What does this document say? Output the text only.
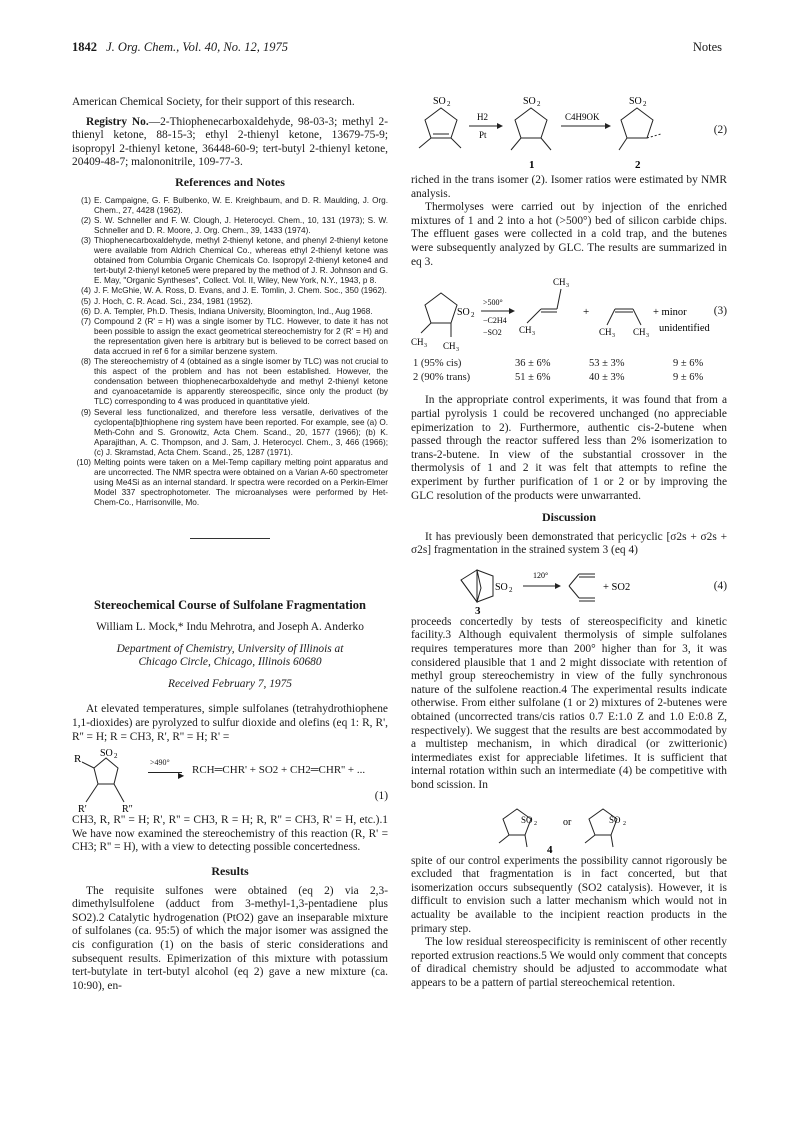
1842 J. Org. Chem., Vol. 40, No. 12, 1975	Notes

American Chemical Society, for their support of this research.

Registry No.—2-Thiophenecarboxaldehyde, 98-03-3; methyl 2-thienyl ketone, 88-15-3; ethyl 2-thienyl ketone, 13679-75-9; isopropyl 2-thienyl ketone, 36448-60-9; tert-butyl 2-thienyl ketone, 20409-48-7; malononitrile, 109-77-3.

References and Notes
(1) E. Campaigne, G. F. Bulbenko, W. E. Kreighbaum, and D. R. Maulding, J. Org. Chem., 27, 4428 (1962).
(2) S. W. Schneller and F. W. Clough, J. Heterocycl. Chem., 10, 131 (1973); S. W. Schneller and D. R. Moore, J. Org. Chem., 39, 1433 (1974).
(3) Thiophenecarboxaldehyde, methyl 2-thienyl ketone, and phenyl 2-thienyl ketone were available from Aldrich Chemical Co., whereas ethyl 2-thienyl ketone was obtained from Columbia Organic Chemicals Co. Isopropyl 2-thienyl ketone4 and tert-butyl 2-thienyl ketone5 were prepared by the method of J. R. Johnson and G. E. May, "Organic Syntheses", Collect. Vol. II, Wiley, New York, N.Y., 1943, p 8.
(4) J. F. McGhie, W. A. Ross, D. Evans, and J. E. Tomlin, J. Chem. Soc., 350 (1962).
(5) J. Hoch, C. R. Acad. Sci., 234, 1981 (1952).
(6) D. A. Templer, Ph.D. Thesis, Indiana University, Bloomington, Ind., Aug 1968.
(7) Compound 2 (R' = H) was a single isomer by TLC. However, to date it has not been possible to assign the exact geometrical stereochemistry for 2 (R' = H) and the representation given here is arbitrary but is believed to be correct based on data accrued in ref 6 for a similar benzene system.
(8) The stereochemistry of 4 (obtained as a single isomer by TLC) was not crucial to this aspect of the problem and has not been established. However, the condensation between thiophenecarboxaldehyde and methyl 2-thienyl ketone and cyanoacetamide is apparently stereospecific, since only the product (by TLC) corresponding to 4 was produced in quantitative yield.
(9) Several less functionalized, and therefore less versatile, derivatives of the cyclopenta[b]thiophene ring system have been reported. For example, see (a) O. Meth-Cohn and S. Gronowitz, Acta Chem. Scand., 20, 1577 (1966); (b) K. Aparajithan, A. C. Thompson, and J. Sam, J. Heterocycl. Chem., 3, 466 (1966); (c) J. Skramstad, Acta Chem. Scand., 25, 1287 (1971).
(10) Melting points were taken on a Mel-Temp capillary melting point apparatus and are uncorrected. The NMR spectra were obtained on a Varian A-60 spectrometer using Me4Si as an internal standard. Ir spectra were recorded on a Perkin-Elmer Model 337 spectrophotometer. The microanalyses were performed by Het-Chem-Co., Harrisonville, Mo.
Stereochemical Course of Sulfolane Fragmentation

William L. Mock,* Indu Mehrotra, and Joseph A. Anderko

Department of Chemistry, University of Illinois at
Chicago Circle, Chicago, Illinois 60680

Received February 7, 1975

At elevated temperatures, simple sulfolanes (tetrahydrothiophene 1,1-dioxides) are pyrolyzed to sulfur dioxide and olefins (eq 1: R, R', R'' = H; R = CH3, R', R'' = H; R' =

R SO 2
R′	R″
>490°
▶ RCH═CHR' + SO2 + CH2═CHR'' + ...
(1)

CH3, R, R'' = H; R', R'' = CH3, R = H; R, R'' = CH3, R' = H, etc.).1 We have now examined the stereochemistry of this reaction (R, R' = CH3; R'' = H), with a view to detecting possible concertedness.

Results

The requisite sulfones were obtained (eq 2) via 2,3-dimethylsulfolene (adduct from 3-methyl-1,3-pentadiene plus SO2).2 Catalytic hydrogenation (PtO2) gave an inseparable mixture of sulfolanes (ca. 95:5) of which the major isomer was assigned the cis configuration (1) on the basis of steric considerations and subsequent results. Epimerization of this mixture with potassium tert-butylate in tert-butyl alcohol (eq 2) gave a new mixture (ca. 10:90), en-

SO 2
H2
Pt
SO 2
1
C4H9OK
SO 2
2
(2)

riched in the trans isomer (2). Isomer ratios were estimated by NMR analysis.

Thermolyses were carried out by injection of the enriched mixtures of 1 and 2 into a hot (>500°) bed of silicon carbide chips. The effluent gases were collected in a cold trap, and the butenes were subsequently analyzed by GLC. The results are summarized in eq 3.

SO 2
CH 3 CH 3
>500°
−C2H4
−SO2
CH 3
CH 3
+
CH 3 CH 3
+ minor
unidentified
(3)
1 (95% cis)	36 ± 6%	53 ± 3%	9 ± 6%
2 (90% trans)	51 ± 6%	40 ± 3%	9 ± 6%

In the appropriate control experiments, it was found that from a partial pyrolysis 1 could be recovered unchanged (no appreciable epimerization to 2). Furthermore, authentic cis-2-butene when passed through the reactor suffered less than 2% isomerization to trans-2-butene. In view of the substantial crossover in the thermolysis of 1 and 2 it was felt that attempts to refine the experiment by further purification of 1 or 2 or by improving the GLC resolution of the products were unwarranted.

Discussion

It has previously been demonstrated that pericyclic [σ2s + σ2s + σ2s] fragmentation in the strained system 3 (eq 4)

SO 2
120°
+ SO2
3
(4)

proceeds concertedly by tests of stereospecificity and kinetic facility.3 Although equivalent thermolysis of simple sulfolanes requires temperatures more than 200° higher than for 3, it was considered plausible that 1 and 2 might dissociate with retention of methyl group stereochemistry in view of the fully synchronous nature of the sulfolene reaction.4 The experimental results indicate otherwise. From either sulfolane (1 or 2) mixtures of 2-butenes were obtained (uncorrected trans/cis ratios 0.7 E:1.0 Z and 1.0 E:0.8 Z, respectively). We suggest that the results are best accommodated by a multistep mechanism, in which diradical (or zwitterionic) intermediates exist for appreciable lifetimes. It is sufficient that internal rotation within such an intermediate (4) be competitive with bond scission. In

SO 2	or	ṠO 2
4

spite of our control experiments the possibility cannot rigorously be excluded that fragmentation is in fact concerted, but that isomerization occurs subsequently (SO2 catalysis). However, it is difficult to envision such a latter mechanism which would not in actuality be available to the incipient reaction products in the primary step.

The low residual stereospecificity is reminiscent of other recently reported extrusion reactions.5 We would only comment that concepts of diradical chemistry should be adjusted to accommodate what appears to be a pattern of partial stereochemical retention.
